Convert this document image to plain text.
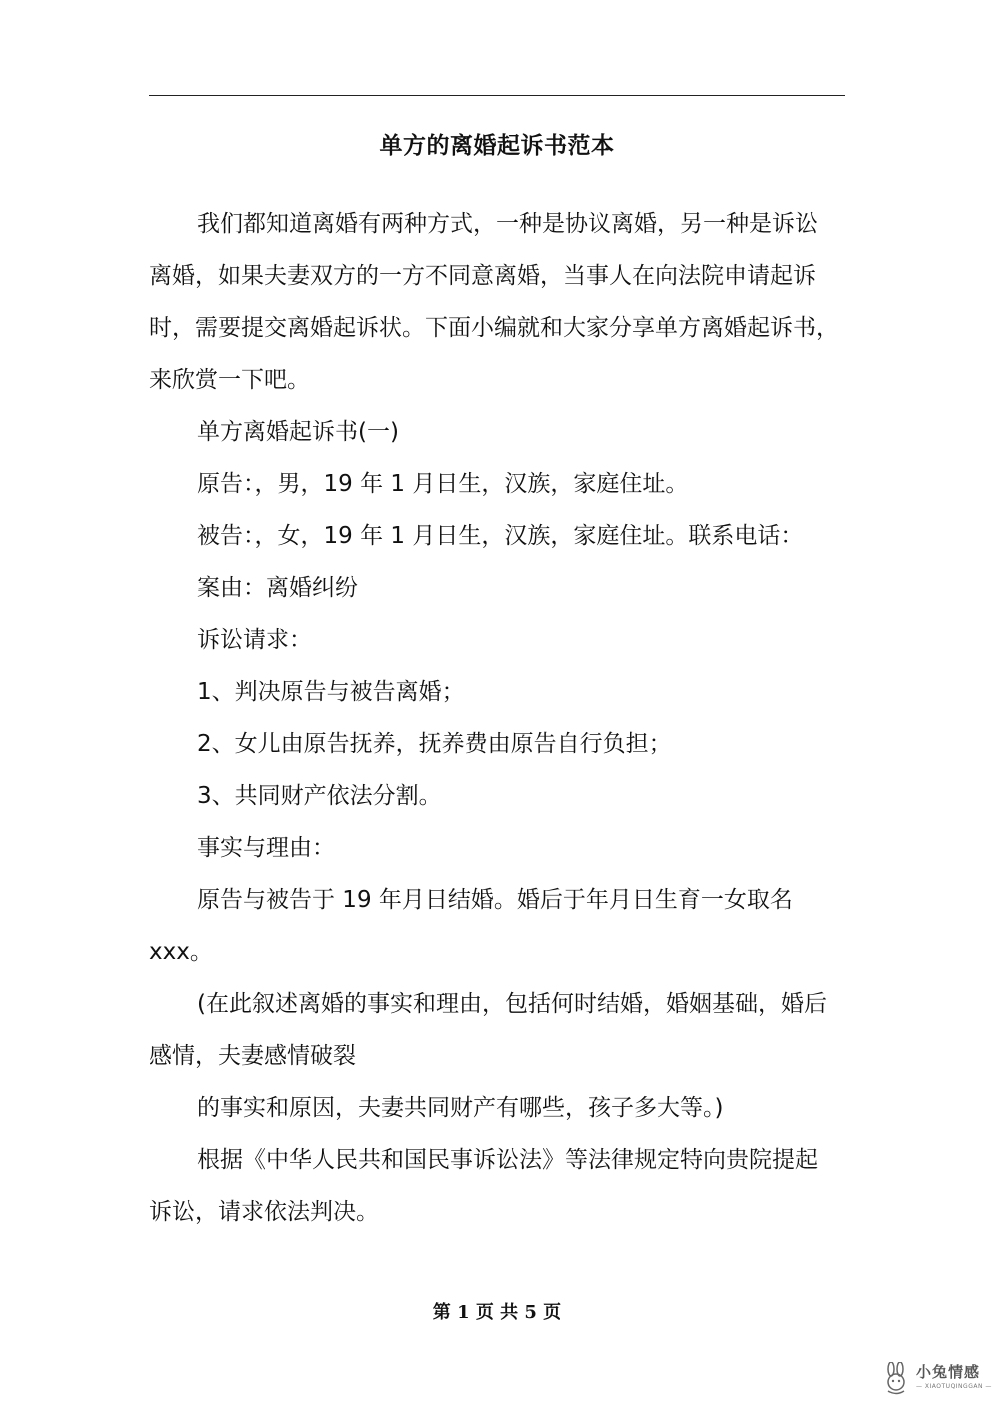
单方的离婚起诉书范本

我们都知道离婚有两种方式，一种是协议离婚，另一种是诉讼离婚，如果夫妻双方的一方不同意离婚，当事人在向法院申请起诉时，需要提交离婚起诉状。下面小编就和大家分享单方离婚起诉书，来欣赏一下吧。

单方离婚起诉书(一)

原告：，男，19 年 1 月日生，汉族，家庭住址。

被告：，女，19 年 1 月日生，汉族，家庭住址。联系电话：

案由：离婚纠纷

诉讼请求：

1、判决原告与被告离婚；

2、女儿由原告抚养，抚养费由原告自行负担；

3、共同财产依法分割。

事实与理由：

原告与被告于 19 年月日结婚。婚后于年月日生育一女取名xxx。

(在此叙述离婚的事实和理由，包括何时结婚，婚姻基础，婚后感情，夫妻感情破裂

的事实和原因，夫妻共同财产有哪些，孩子多大等。)

根据《中华人民共和国民事诉讼法》等法律规定特向贵院提起诉讼，请求依法判决。

第 1 页 共 5 页
小兔情感
— XIAOTUQINGGAN —
